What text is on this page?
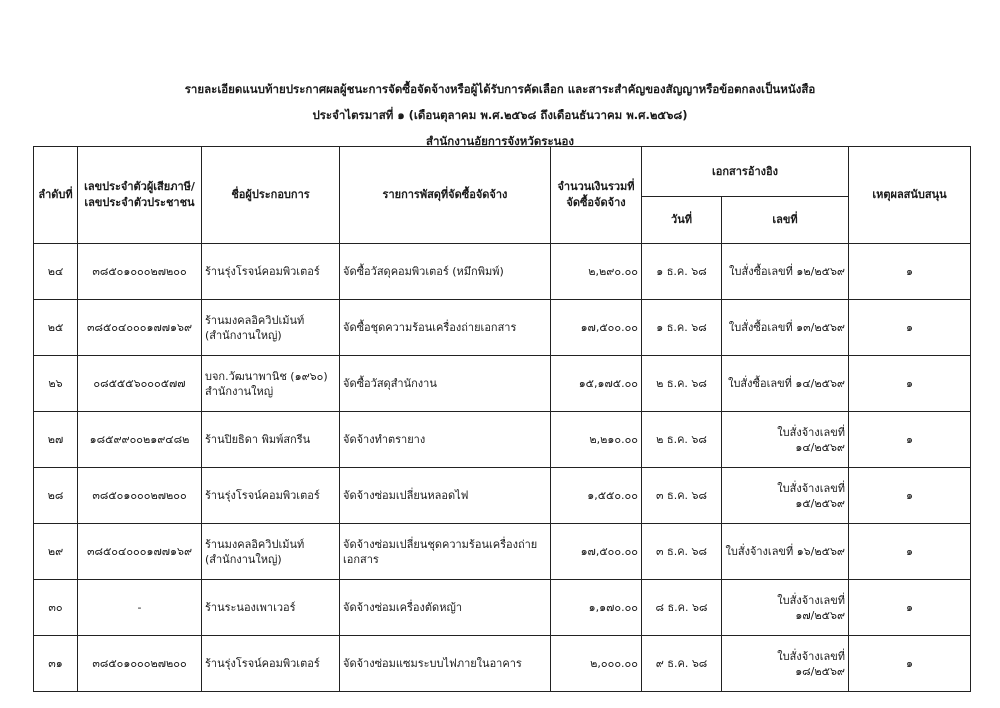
รายละเอียดแนบท้ายประกาศผลผู้ชนะการจัดซื้อจัดจ้างหรือผู้ได้รับการคัดเลือก และสาระสำคัญของสัญญาหรือข้อตกลงเป็นหนังสือ
ประจำไตรมาสที่ ๑ (เดือนตุลาคม พ.ศ.๒๕๖๘ ถึงเดือนธันวาคม พ.ศ.๒๕๖๘)
สำนักงานอัยการจังหวัดระนอง
ลำดับที่	เลขประจำตัวผู้เสียภาษี/ เลขประจำตัวประชาชน	ชื่อผู้ประกอบการ	รายการพัสดุที่จัดซื้อจัดจ้าง	จำนวนเงินรวมที่ จัดซื้อจัดจ้าง	เอกสารอ้างอิง		เหตุผลสนับสนุน
					วันที่	เลขที่	
๒๔	๓๘๕๐๑๐๐๐๒๗๒๐๐	ร้านรุ่งโรจน์คอมพิวเตอร์	จัดซื้อวัสดุคอมพิวเตอร์ (หมึกพิมพ์)	๒,๒๙๐.๐๐	๑ ธ.ค. ๖๘	ใบสั่งซื้อเลขที่ ๑๒/๒๕๖๙	๑
๒๕	๓๘๕๐๔๐๐๐๑๗๗๑๖๙	ร้านมงคลอิควิปเม้นท์ (สำนักงานใหญ่)	จัดซื้อชุดความร้อนเครื่องถ่ายเอกสาร	๑๗,๕๐๐.๐๐	๑ ธ.ค. ๖๘	ใบสั่งซื้อเลขที่ ๑๓/๒๕๖๙	๑
๒๖	๐๘๕๕๕๖๐๐๐๕๗๗	บจก.วัฒนาพานิช (๑๙๖๐) สำนักงานใหญ่	จัดซื้อวัสดุสำนักงาน	๑๕,๑๗๕.๐๐	๒ ธ.ค. ๖๘	ใบสั่งซื้อเลขที่ ๑๔/๒๕๖๙	๑
๒๗	๑๘๕๙๙๐๐๒๑๙๔๘๒	ร้านปิยธิดา พิมพ์สกรีน	จัดจ้างทำตรายาง	๒,๒๑๐.๐๐	๒ ธ.ค. ๖๘	ใบสั่งจ้างเลขที่ ๑๔/๒๕๖๙	๑
๒๘	๓๘๕๐๑๐๐๐๒๗๒๐๐	ร้านรุ่งโรจน์คอมพิวเตอร์	จัดจ้างซ่อมเปลี่ยนหลอดไฟ	๑,๕๕๐.๐๐	๓ ธ.ค. ๖๘	ใบสั่งจ้างเลขที่ ๑๕/๒๕๖๙	๑
๒๙	๓๘๕๐๔๐๐๐๑๗๗๑๖๙	ร้านมงคลอิควิปเม้นท์ (สำนักงานใหญ่)	จัดจ้างซ่อมเปลี่ยนชุดความร้อนเครื่องถ่าย เอกสาร	๑๗,๕๐๐.๐๐	๓ ธ.ค. ๖๘	ใบสั่งจ้างเลขที่ ๑๖/๒๕๖๙	๑
๓๐	-	ร้านระนองเพาเวอร์	จัดจ้างซ่อมเครื่องตัดหญ้า	๑,๑๗๐.๐๐	๘ ธ.ค. ๖๘	ใบสั่งจ้างเลขที่ ๑๗/๒๕๖๙	๑
๓๑	๓๘๕๐๑๐๐๐๒๗๒๐๐	ร้านรุ่งโรจน์คอมพิวเตอร์	จัดจ้างซ่อมแซมระบบไฟภายในอาคาร	๒,๐๐๐.๐๐	๙ ธ.ค. ๖๘	ใบสั่งจ้างเลขที่ ๑๘/๒๕๖๙	๑
